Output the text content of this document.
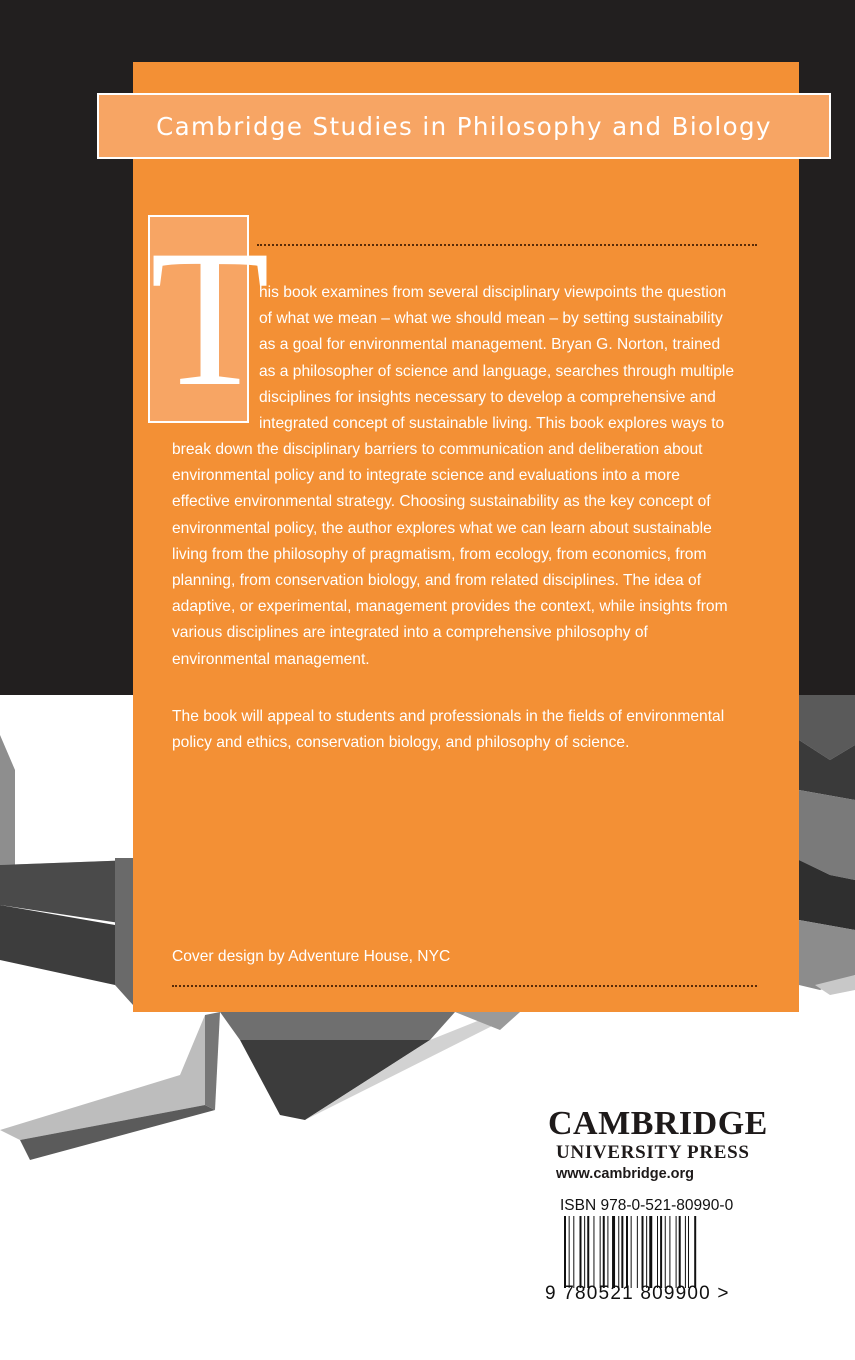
Cambridge Studies in Philosophy and Biology
T

his book examines from several disciplinary viewpoints the question
of what we mean – what we should mean – by setting sustainability
as a goal for environmental management. Bryan G. Norton, trained
as a philosopher of science and language, searches through multiple
disciplines for insights necessary to develop a comprehensive and
integrated concept of sustainable living. This book explores ways to

break down the disciplinary barriers to communication and deliberation about
environmental policy and to integrate science and evaluations into a more
effective environmental strategy. Choosing sustainability as the key concept of
environmental policy, the author explores what we can learn about sustainable
living from the philosophy of pragmatism, from ecology, from economics, from
planning, from conservation biology, and from related disciplines. The idea of
adaptive, or experimental, management provides the context, while insights from
various disciplines are integrated into a comprehensive philosophy of
environmental management.

The book will appeal to students and professionals in the fields of environmental
policy and ethics, conservation biology, and philosophy of science.

Cover design by Adventure House, NYC
CAMBRIDGE
UNIVERSITY PRESS
www.cambridge.org
ISBN 978-0-521-80990-0
9 780521 809900 >
